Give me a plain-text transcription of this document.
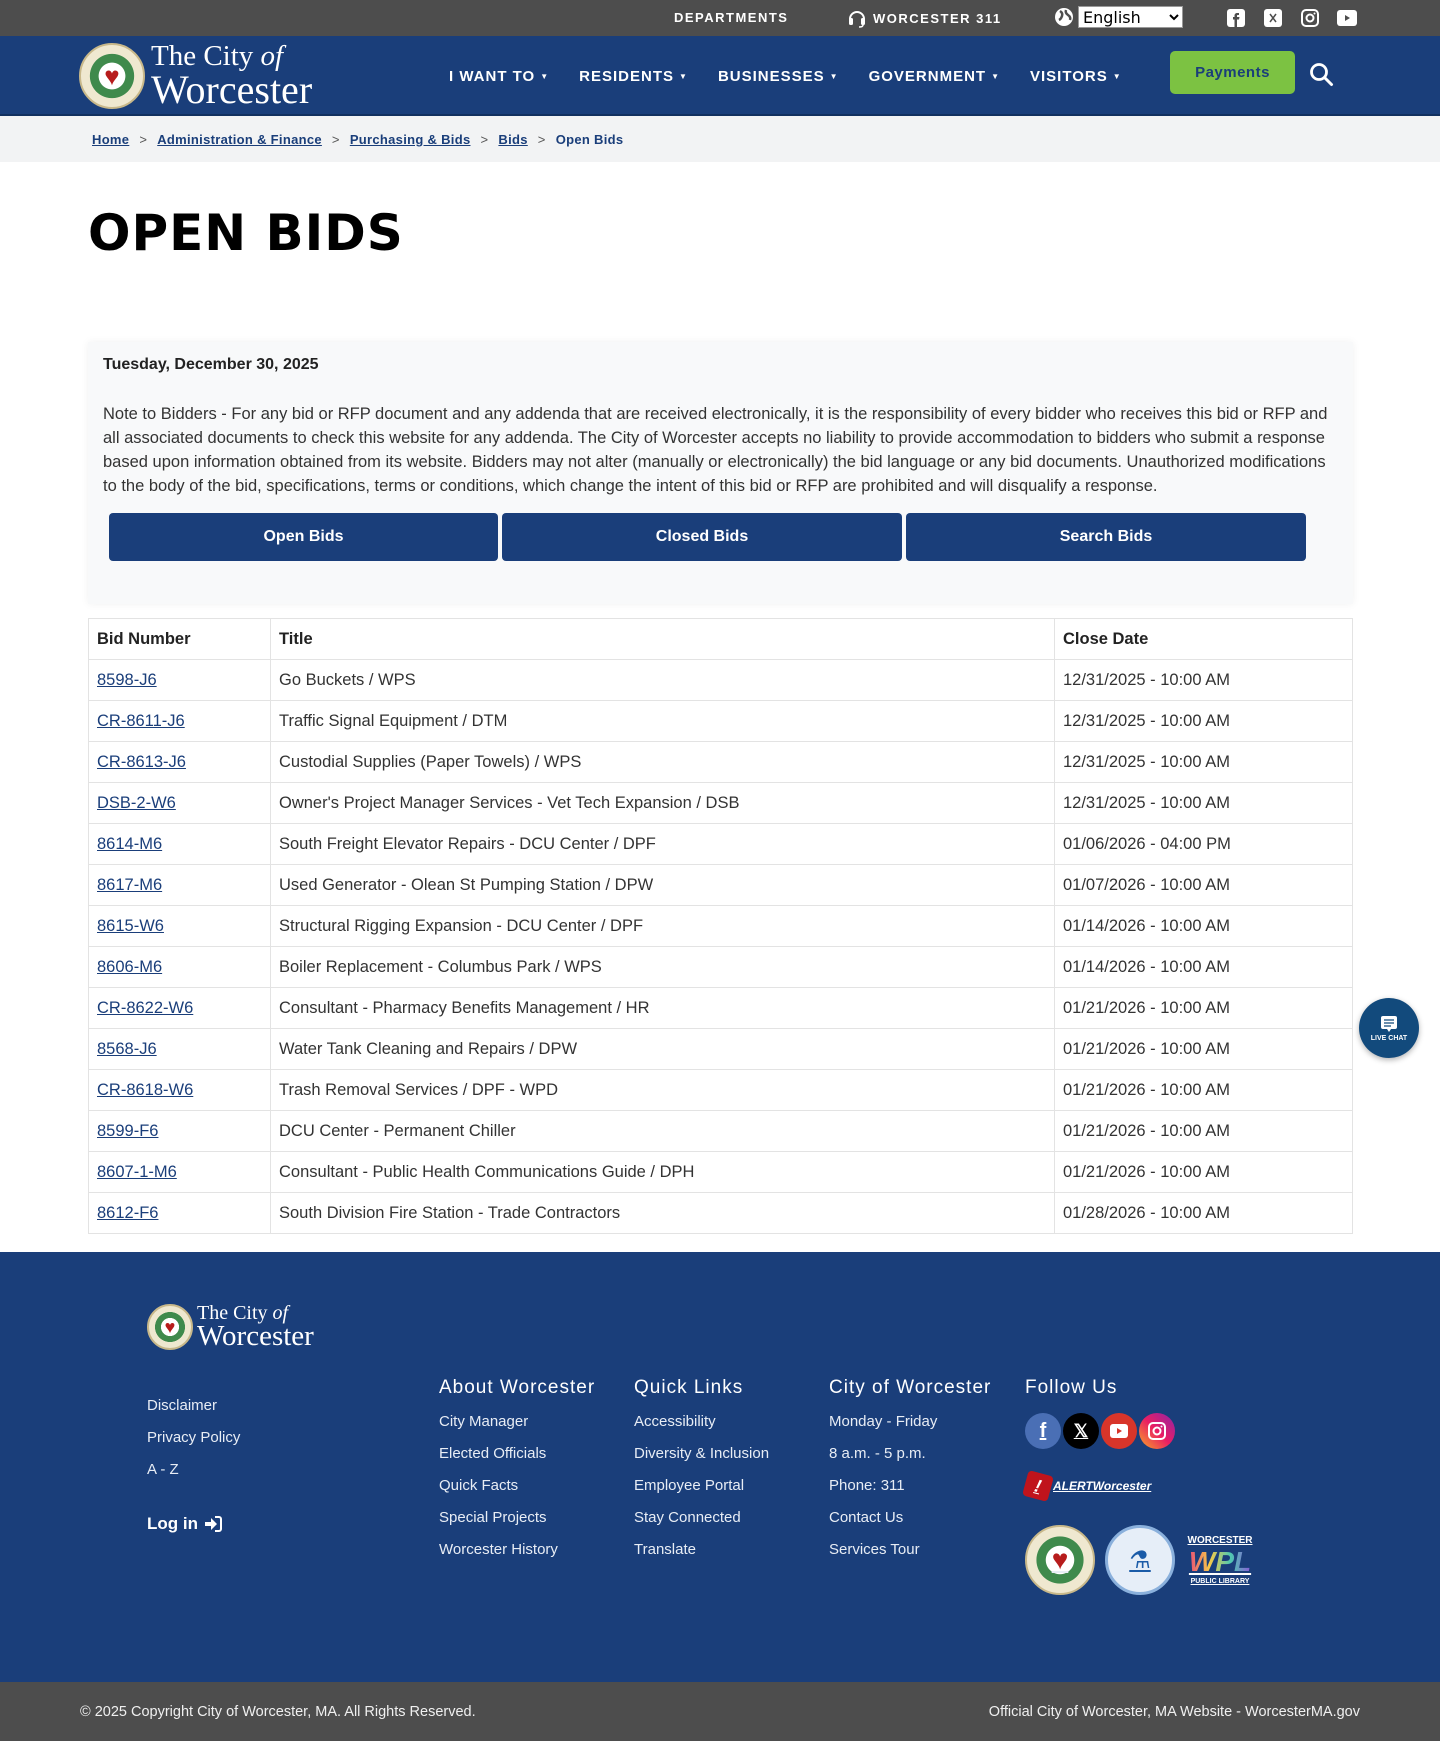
DEPARTMENTS	WORCESTER 311
English
♥
The City of
Worcester	I WANT TO ▼ RESIDENTS ▼ BUSINESSES ▼ GOVERNMENT ▼ VISITORS ▼	Payments
Home > Administration & Finance > Purchasing & Bids > Bids > Open Bids
OPEN BIDS
Tuesday, December 30, 2025

Note to Bidders - For any bid or RFP document and any addenda that are received electronically, it is the responsibility of every bidder who receives this bid or RFP and all associated documents to check this website for any addenda. The City of Worcester accepts no liability to provide accommodation to bidders who submit a response based upon information obtained from its website. Bidders may not alter (manually or electronically) the bid language or any bid documents. Unauthorized modifications to the body of the bid, specifications, terms or conditions, which change the intent of this bid or RFP are prohibited and will disqualify a response.

Open Bids	Closed Bids	Search Bids
Bid Number	Title	Close Date
8598-J6	Go Buckets / WPS	12/31/2025 - 10:00 AM
CR-8611-J6	Traffic Signal Equipment / DTM	12/31/2025 - 10:00 AM
CR-8613-J6	Custodial Supplies (Paper Towels) / WPS	12/31/2025 - 10:00 AM
DSB-2-W6	Owner's Project Manager Services - Vet Tech Expansion / DSB	12/31/2025 - 10:00 AM
8614-M6	South Freight Elevator Repairs - DCU Center / DPF	01/06/2026 - 04:00 PM
8617-M6	Used Generator - Olean St Pumping Station / DPW	01/07/2026 - 10:00 AM
8615-W6	Structural Rigging Expansion - DCU Center / DPF	01/14/2026 - 10:00 AM
8606-M6	Boiler Replacement - Columbus Park / WPS	01/14/2026 - 10:00 AM
CR-8622-W6	Consultant - Pharmacy Benefits Management / HR	01/21/2026 - 10:00 AM
8568-J6	Water Tank Cleaning and Repairs / DPW	01/21/2026 - 10:00 AM
CR-8618-W6	Trash Removal Services / DPF - WPD	01/21/2026 - 10:00 AM
8599-F6	DCU Center - Permanent Chiller	01/21/2026 - 10:00 AM
8607-1-M6	Consultant - Public Health Communications Guide / DPH	01/21/2026 - 10:00 AM
8612-F6	South Division Fire Station - Trade Contractors	01/28/2026 - 10:00 AM
LIVE CHAT
♥
The City of
Worcester
Disclaimer
Privacy Policy
A - Z
Log in
About Worcester
City Manager
Elected Officials
Quick Facts
Special Projects
Worcester History
Quick Links
Accessibility
Diversity & Inclusion
Employee Portal
Stay Connected
Translate
City of Worcester
Monday - Friday
8 a.m. - 5 p.m.
Phone: 311
Contact Us
Services Tour
Follow Us
f	𝕏
! ALERTWorcester
♥	⚗
WORCESTER
WPL
PUBLIC LIBRARY
© 2025 Copyright City of Worcester, MA. All Rights Reserved.	Official City of Worcester, MA Website - WorcesterMA.gov
